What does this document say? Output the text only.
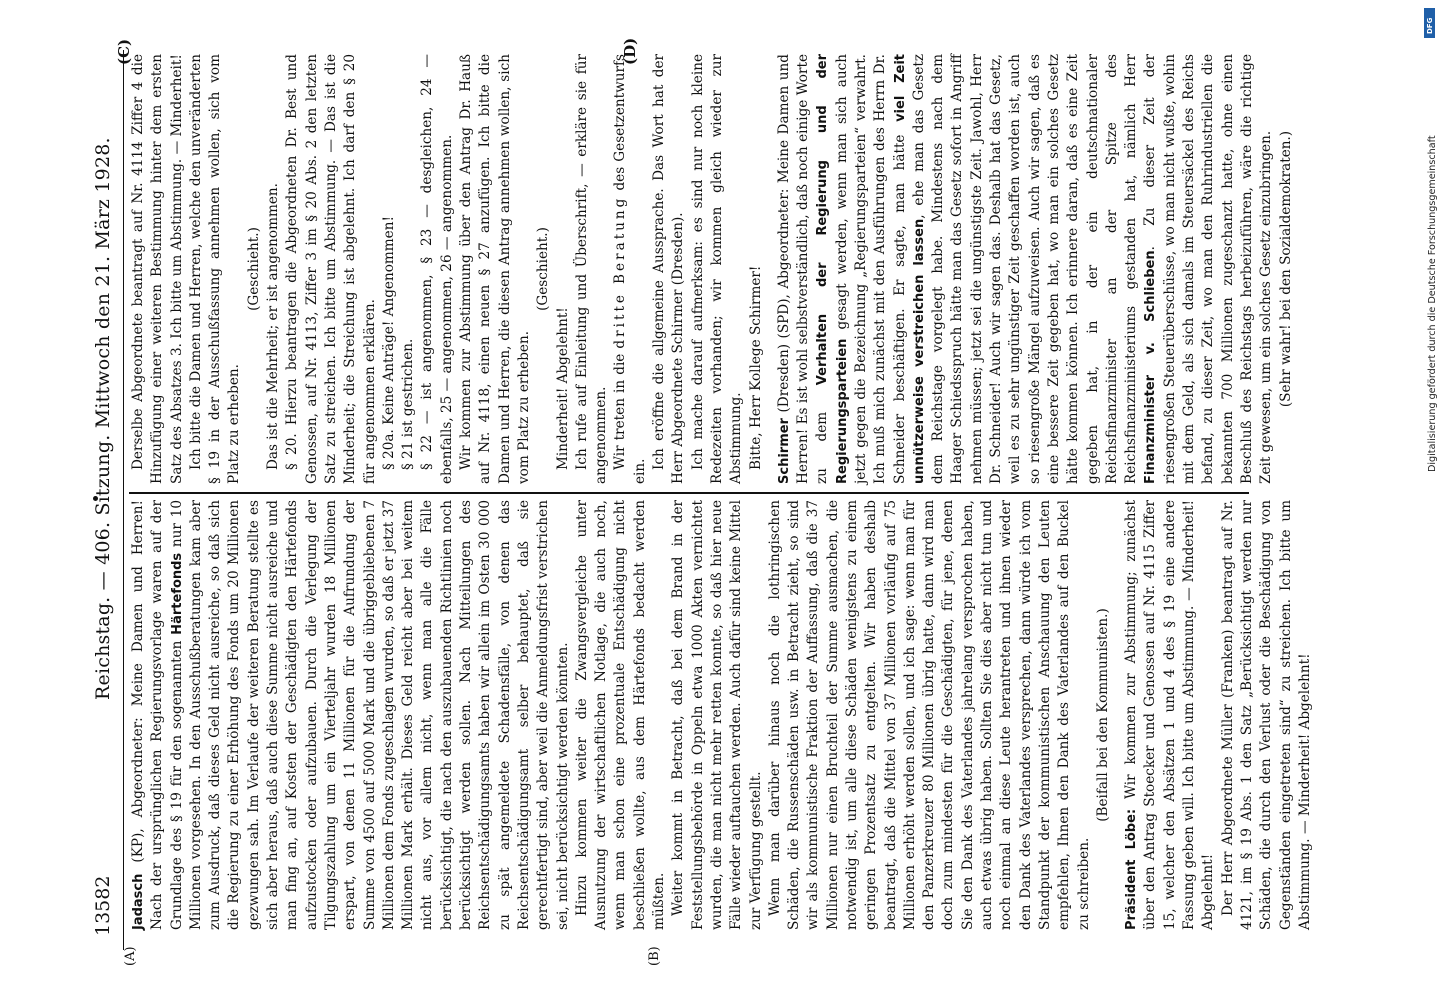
13582
Reichstag. — 406. Sitzung. Mittwoch den 21. März 1928.
(A)	(B)
(C)	(D)

Jadasch (KP), Abgeordneter: Meine Damen und Herren! Nach der ursprünglichen Regierungsvorlage waren auf der Grundlage des § 19 für den sogenannten Härtefonds nur 10 Millionen vorgesehen. In den Ausschußberatungen kam aber zum Ausdruck, daß dieses Geld nicht ausreiche, so daß sich die Regierung zu einer Erhöhung des Fonds um 20 Millionen gezwungen sah. Im Verlaufe der weiteren Beratung stellte es sich aber heraus, daß auch diese Summe nicht ausreiche und man fing an, auf Kosten der Geschädigten den Härtefonds aufzustocken oder aufzubauen. Durch die Verlegung der Tilgungszahlung um ein Vierteljahr wurden 18 Millionen erspart, von denen 11 Millionen für die Aufrundung der Summe von 4500 auf 5000 Mark und die übriggebliebenen 7 Millionen dem Fonds zugeschlagen wurden, so daß er jetzt 37 Millionen Mark erhält. Dieses Geld reicht aber bei weitem nicht aus, vor allem nicht, wenn man alle die Fälle berücksichtigt, die nach den auszubauenden Richtlinien noch berücksichtigt werden sollen. Nach Mitteilungen des Reichsentschädigungsamts haben wir allein im Osten 30 000 zu spät angemeldete Schadensfälle, von denen das Reichsentschädigungsamt selber behauptet, daß sie gerechtfertigt sind, aber weil die Anmeldungsfrist verstrichen sei, nicht berücksichtigt werden könnten. Hinzu kommen weiter die Zwangsvergleiche unter Ausnutzung der wirtschaftlichen Notlage, die auch noch, wenn man schon eine prozentuale Entschädigung nicht beschließen wollte, aus dem Härtefonds bedacht werden müßten. Weiter kommt in Betracht, daß bei dem Brand in der Feststellungsbehörde in Oppeln etwa 1000 Akten vernichtet wurden, die man nicht mehr retten konnte, so daß hier neue Fälle wieder auftauchen werden. Auch dafür sind keine Mittel zur Verfügung gestellt. Wenn man darüber hinaus noch die lothringischen Schäden, die Russenschäden usw. in Betracht zieht, so sind wir als kommunistische Fraktion der Auffassung, daß die 37 Millionen nur einen Bruchteil der Summe ausmachen, die notwendig ist, um alle diese Schäden wenigstens zu einem geringen Prozentsatz zu entgelten. Wir haben deshalb beantragt, daß die Mittel von 37 Millionen vorläufig auf 75 Millionen erhöht werden sollen, und ich sage: wenn man für den Panzerkreuzer 80 Millionen übrig hatte, dann wird man doch zum mindesten für die Geschädigten, für jene, denen Sie den Dank des Vaterlandes jahrelang versprochen haben, auch etwas übrig haben. Sollten Sie dies aber nicht tun und noch einmal an diese Leute herantreten und ihnen wieder den Dank des Vaterlandes versprechen, dann würde ich vom Standpunkt der kommunistischen Anschauung den Leuten empfehlen, Ihnen den Dank des Vaterlandes auf den Buckel zu schreiben.

(Beifall bei den Kommunisten.)

Präsident Löbe: Wir kommen zur Abstimmung; zunächst über den Antrag Stoecker und Genossen auf Nr. 4115 Ziffer 15, welcher den Absätzen 1 und 4 des § 19 eine andere Fassung geben will. Ich bitte um Abstimmung. — Minderheit! Abgelehnt! Der Herr Abgeordnete Müller (Franken) beantragt auf Nr. 4121, im § 19 Abs. 1 den Satz „Berücksichtigt werden nur Schäden, die durch den Verlust oder die Beschädigung von Gegenständen eingetreten sind“ zu streichen. Ich bitte um Abstimmung. — Minderheit! Abgelehnt!

Derselbe Abgeordnete beantragt auf Nr. 4114 Ziffer 4 die Hinzufügung einer weiteren Bestimmung hinter dem ersten Satz des Absatzes 3. Ich bitte um Abstimmung. — Minderheit! Ich bitte die Damen und Herren, welche den unveränderten § 19 in der Ausschußfassung annehmen wollen, sich vom Platz zu erheben.

(Geschieht.) Das ist die Mehrheit; er ist angenommen. § 20. Hierzu beantragen die Abgeordneten Dr. Best und Genossen, auf Nr. 4113, Ziffer 3 im § 20 Abs. 2 den letzten Satz zu streichen. Ich bitte um Abstimmung. — Das ist die Minderheit; die Streichung ist abgelehnt. Ich darf den § 20 für angenommen erklären. § 20a. Keine Anträge! Angenommen! § 21 ist gestrichen. § 22 — ist angenommen, § 23 — desgleichen, 24 — ebenfalls, 25 — angenommen, 26 — angenommen. Wir kommen zur Abstimmung über den Antrag Dr. Hauß auf Nr. 4118, einen neuen § 27 anzufügen. Ich bitte die Damen und Herren, die diesen Antrag annehmen wollen, sich vom Platz zu erheben.

(Geschieht.)

Minderheit! Abgelehnt! Ich rufe auf Einleitung und Überschrift, — erkläre sie für angenommen. Wir treten in die dritte Beratung des Gesetzentwurfs ein.

Ich eröffne die allgemeine Aussprache. Das Wort hat der Herr Abgeordnete Schirmer (Dresden). Ich mache darauf aufmerksam: es sind nur noch kleine Redezeiten vorhanden; wir kommen gleich wieder zur Abstimmung. Bitte, Herr Kollege Schirmer! Schirmer (Dresden) (SPD), Abgeordneter: Meine Damen und Herren! Es ist wohl selbstverständlich, daß noch einige Worte zu dem Verhalten der Regierung und der Regierungsparteien gesagt werden, wenn man sich auch jetzt gegen die Bezeichnung „Regierungsparteien“ verwahrt. Ich muß mich zunächst mit den Ausführungen des Herrn Dr. Schneider beschäftigen. Er sagte, man hätte viel Zeit unnützerweise verstreichen lassen, ehe man das Gesetz dem Reichstage vorgelegt habe. Mindestens nach dem Haager Schiedsspruch hätte man das Gesetz sofort in Angriff nehmen müssen; jetzt sei die ungünstigste Zeit. Jawohl, Herr Dr. Schneider! Auch wir sagen das. Deshalb hat das Gesetz, weil es zu sehr ungünstiger Zeit geschaffen worden ist, auch so riesengroße Mängel aufzuweisen. Auch wir sagen, daß es eine bessere Zeit gegeben hat, wo man ein solches Gesetz hätte kommen können. Ich erinnere daran, daß es eine Zeit gegeben hat, in der ein deutschnationaler Reichsfinanzminister an der Spitze des Reichsfinanzministeriums gestanden hat, nämlich Herr Finanzminister v. Schlieben. Zu dieser Zeit der riesengroßen Steuerüberschüsse, wo man nicht wußte, wohin mit dem Geld, als sich damals im Steuersäckel des Reichs befand, zu dieser Zeit, wo man den Ruhrindustriellen die bekannten 700 Millionen zugeschanzt hatte, ohne einen Beschluß des Reichstags herbeizuführen, wäre die richtige Zeit gewesen, um ein solches Gesetz einzubringen. (Sehr wahr! bei den Sozialdemokraten.)

DFG
Digitalisierung gefördert durch die Deutsche Forschungsgemeinschaft
